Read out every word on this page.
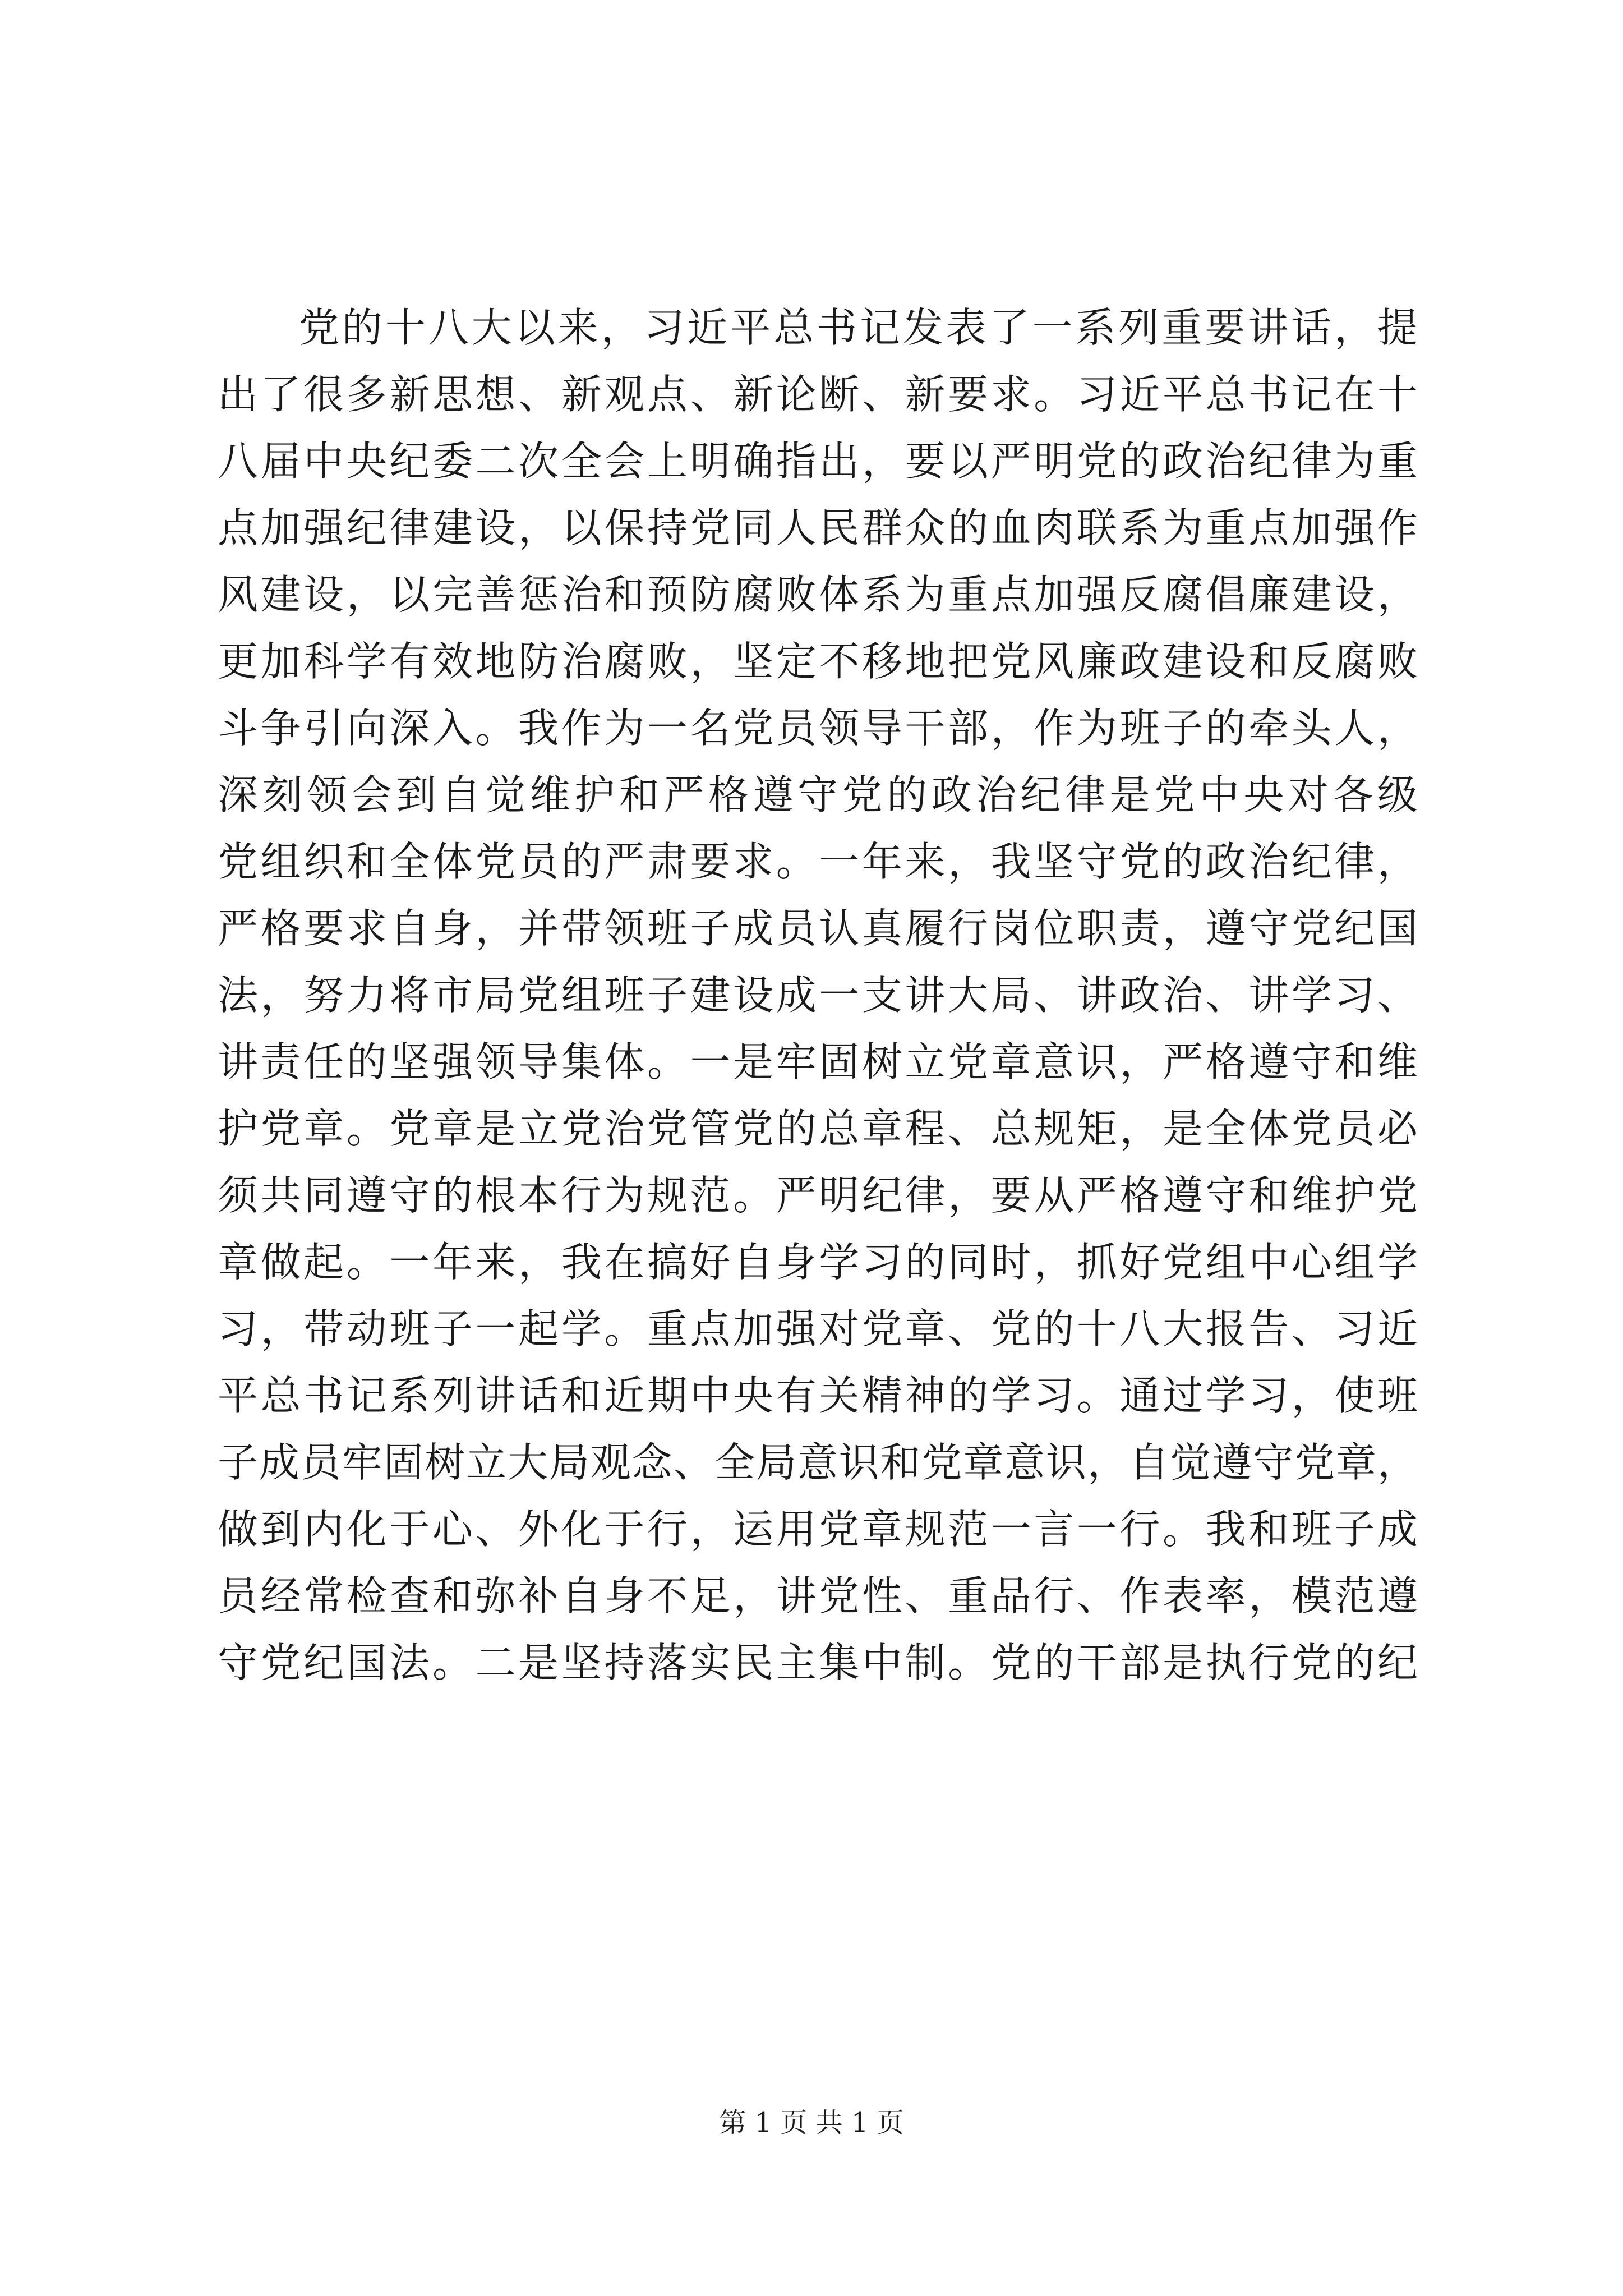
党的十八大以来，习近平总书记发表了一系列重要讲话，提
出了很多新思想、新观点、新论断、新要求。习近平总书记在十
八届中央纪委二次全会上明确指出，要以严明党的政治纪律为重
点加强纪律建设，以保持党同人民群众的血肉联系为重点加强作
风建设，以完善惩治和预防腐败体系为重点加强反腐倡廉建设，
更加科学有效地防治腐败，坚定不移地把党风廉政建设和反腐败
斗争引向深入。我作为一名党员领导干部，作为班子的牵头人，
深刻领会到自觉维护和严格遵守党的政治纪律是党中央对各级
党组织和全体党员的严肃要求。一年来，我坚守党的政治纪律，
严格要求自身，并带领班子成员认真履行岗位职责，遵守党纪国
法，努力将市局党组班子建设成一支讲大局、讲政治、讲学习、
讲责任的坚强领导集体。一是牢固树立党章意识，严格遵守和维
护党章。党章是立党治党管党的总章程、总规矩，是全体党员必
须共同遵守的根本行为规范。严明纪律，要从严格遵守和维护党
章做起。一年来，我在搞好自身学习的同时，抓好党组中心组学
习，带动班子一起学。重点加强对党章、党的十八大报告、习近
平总书记系列讲话和近期中央有关精神的学习。通过学习，使班
子成员牢固树立大局观念、全局意识和党章意识，自觉遵守党章，
做到内化于心、外化于行，运用党章规范一言一行。我和班子成
员经常检查和弥补自身不足，讲党性、重品行、作表率，模范遵
守党纪国法。二是坚持落实民主集中制。党的干部是执行党的纪
第 1 页 共 1 页
